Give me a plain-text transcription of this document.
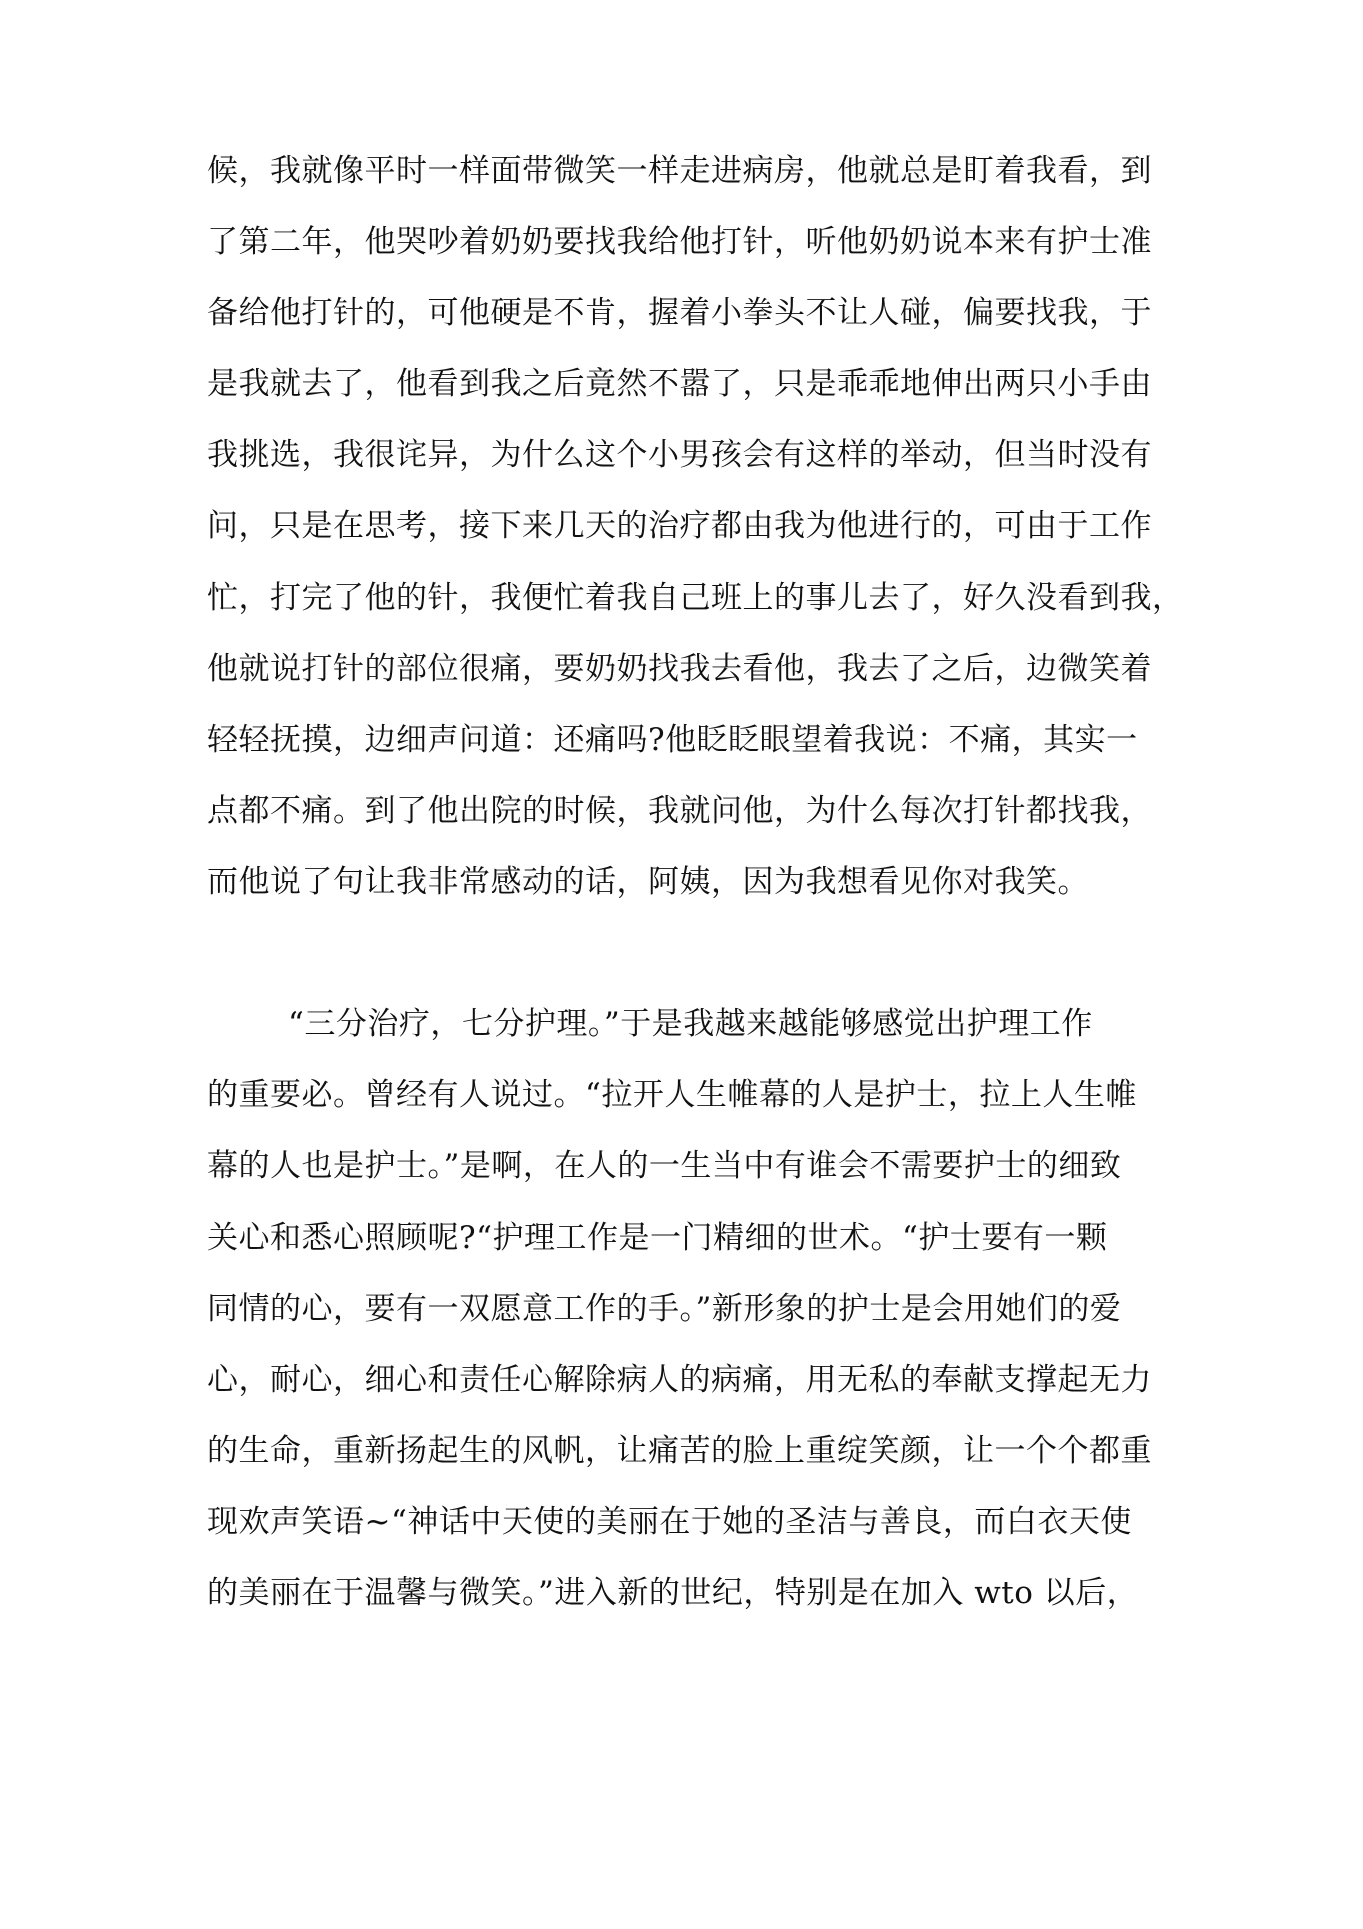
候，我就像平时一样面带微笑一样走进病房，他就总是盯着我看，到
了第二年，他哭吵着奶奶要找我给他打针，听他奶奶说本来有护士准
备给他打针的，可他硬是不肯，握着小拳头不让人碰，偏要找我，于
是我就去了，他看到我之后竟然不嚣了，只是乖乖地伸出两只小手由
我挑选，我很诧异，为什么这个小男孩会有这样的举动，但当时没有
问，只是在思考，接下来几天的治疗都由我为他进行的，可由于工作
忙，打完了他的针，我便忙着我自己班上的事儿去了，好久没看到我，
他就说打针的部位很痛，要奶奶找我去看他，我去了之后，边微笑着
轻轻抚摸，边细声问道：还痛吗?他眨眨眼望着我说：不痛，其实一
点都不痛。到了他出院的时候，我就问他，为什么每次打针都找我，
而他说了句让我非常感动的话，阿姨，因为我想看见你对我笑。
“三分治疗，七分护理。”于是我越来越能够感觉出护理工作
的重要必。曾经有人说过。“拉开人生帷幕的人是护士，拉上人生帷
幕的人也是护士。”是啊，在人的一生当中有谁会不需要护士的细致
关心和悉心照顾呢?“护理工作是一门精细的世术。“护士要有一颗
同情的心，要有一双愿意工作的手。”新形象的护士是会用她们的爱
心，耐心，细心和责任心解除病人的病痛，用无私的奉献支撑起无力
的生命，重新扬起生的风帆，让痛苦的脸上重绽笑颜，让一个个都重
现欢声笑语~“神话中天使的美丽在于她的圣洁与善良，而白衣天使
的美丽在于温馨与微笑。”进入新的世纪，特别是在加入 wto 以后，
